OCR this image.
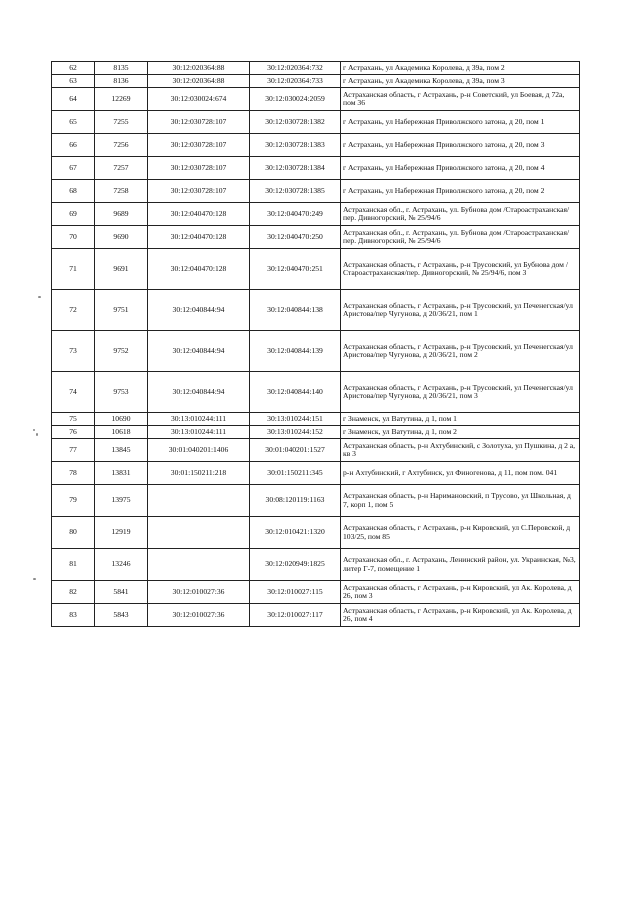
62	8135	30:12:020364:88	30:12:020364:732	г Астрахань, ул Академика Королева, д 39а, пом 2
63	8136	30:12:020364:88	30:12:020364:733	г Астрахань, ул Академика Королева, д 39а, пом 3
64	12269	30:12:030024:674	30:12:030024:2059	Астраханская область, г Астрахань, р-н Советский, ул Боевая, д 72а, пом 36
65	7255	30:12:030728:107	30:12:030728:1382	г Астрахань, ул Набережная Приволжского затона, д 20, пом 1
66	7256	30:12:030728:107	30:12:030728:1383	г Астрахань, ул Набережная Приволжского затона, д 20, пом 3
67	7257	30:12:030728:107	30:12:030728:1384	г Астрахань, ул Набережная Приволжского затона, д 20, пом 4
68	7258	30:12:030728:107	30:12:030728:1385	г Астрахань, ул Набережная Приволжского затона, д 20, пом 2
69	9689	30:12:040470:128	30:12:040470:249	Астраханская обл., г. Астрахань, ул. Бубнова дом /Староастраханская/пер. Дивногорский, № 25/94/6
70	9690	30:12:040470:128	30:12:040470:250	Астраханская обл., г. Астрахань, ул. Бубнова дом /Староастраханская/пер. Дивногорский, № 25/94/6
71	9691	30:12:040470:128	30:12:040470:251	Астраханская область, г Астрахань, р-н Трусовский, ул Бубнова дом /Староастраханская/пер. Дивногорский, № 25/94/6, пом 3
72	9751	30:12:040844:94	30:12:040844:138	Астраханская область, г Астрахань, р-н Трусовский, ул Печенегская/ул Аристова/пер Чугунова, д 20/36/21, пом 1
73	9752	30:12:040844:94	30:12:040844:139	Астраханская область, г Астрахань, р-н Трусовский, ул Печенегская/ул Аристова/пер Чугунова, д 20/36/21, пом 2
74	9753	30:12:040844:94	30:12:040844:140	Астраханская область, г Астрахань, р-н Трусовский, ул Печенегская/ул Аристова/пер Чугунова, д 20/36/21, пом 3
75	10690	30:13:010244:111	30:13:010244:151	г Знаменск, ул Ватутина, д 1, пом 1
76	10618	30:13:010244:111	30:13:010244:152	г Знаменск, ул Ватутина, д 1, пом 2
77	13845	30:01:040201:1406	30:01:040201:1527	Астраханская область, р-н Ахтубинский, с Золотуха, ул Пушкина, д 2 а, кв 3
78	13831	30:01:150211:218	30:01:150211:345	р-н Ахтубинский, г Ахтубинск, ул Финогенова, д 11, пом пом. 041
79	13975		30:08:120119:1163	Астраханская область, р-н Наримановский, п Трусово, ул Школьная, д 7, корп 1, пом 5
80	12919		30:12:010421:1320	Астраханская область, г Астрахань, р-н Кировский, ул С.Перовской, д 103/25, пом 85
81	13246		30:12:020949:1825	Астраханская обл., г. Астрахань, Ленинский район, ул. Украинская, №3, литер Г-7, помещение 1
82	5841	30:12:010027:36	30:12:010027:115	Астраханская область, г Астрахань, р-н Кировский, ул Ак. Королева, д 26, пом 3
83	5843	30:12:010027:36	30:12:010027:117	Астраханская область, г Астрахань, р-н Кировский, ул Ак. Королева, д 26, пом 4
